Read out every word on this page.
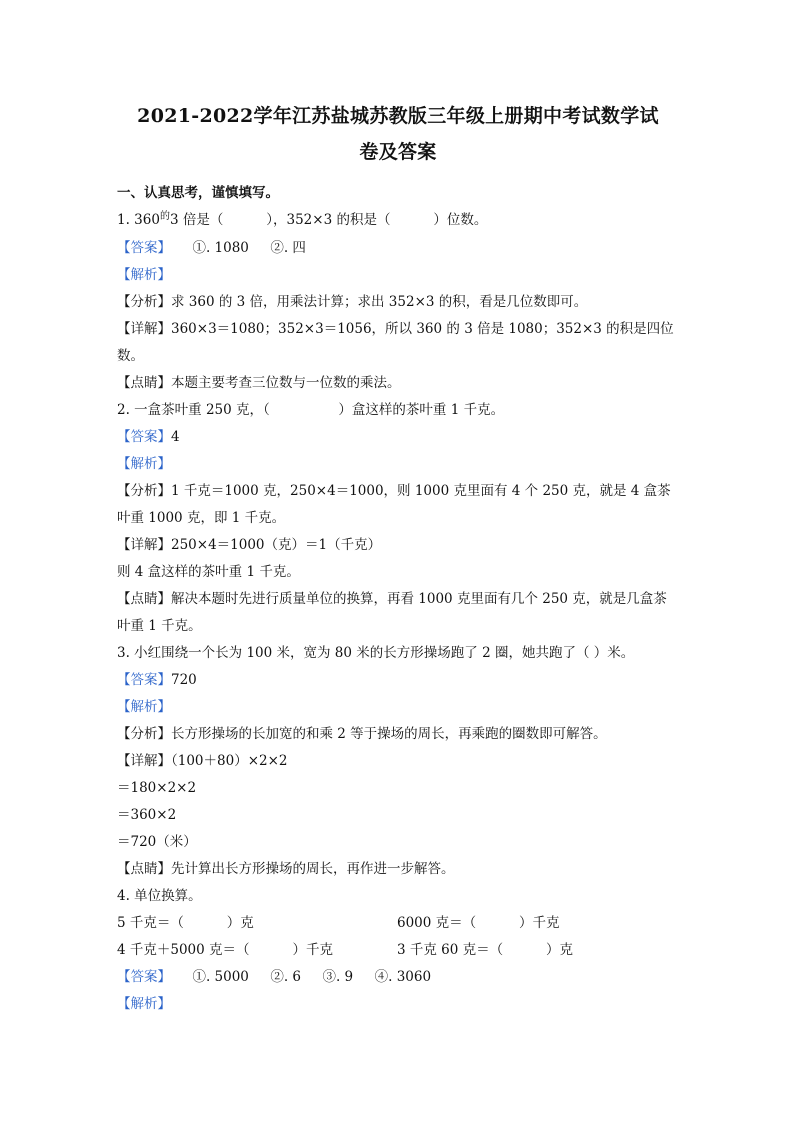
2021-2022学年江苏盐城苏教版三年级上册期中考试数学试
卷及答案
一、认真思考，谨慎填写。
1. $360^的3$ 倍是（          ），352×3 的积是（          ）位数。
【答案】     ①. 1080     ②. 四
【解析】
【分析】求 360 的 3 倍，用乘法计算；求出 352×3 的积，看是几位数即可。
【详解】360×3＝1080；352×3＝1056，所以 360 的 3 倍是 1080；352×3 的积是四位数。
【点睛】本题主要考查三位数与一位数的乘法。
2. 一盒茶叶重 250 克，（                ）盒这样的茶叶重 1 千克。
【答案】4
【解析】
【分析】1 千克＝1000 克，250×4＝1000，则 1000 克里面有 4 个 250 克，就是 4 盒茶叶重 1000 克，即 1 千克。
【详解】250×4＝1000（克）＝1（千克）
则 4 盒这样的茶叶重 1 千克。
【点睛】解决本题时先进行质量单位的换算，再看 1000 克里面有几个 250 克，就是几盒茶叶重 1 千克。
3. 小红围绕一个长为 100 米，宽为 80 米的长方形操场跑了 2 圈，她共跑了（ ）米。
【答案】720
【解析】
【分析】长方形操场的长加宽的和乘 2 等于操场的周长，再乘跑的圈数即可解答。
【详解】（100＋80）×2×2
＝180×2×2
＝360×2
＝720（米）
【点睛】先计算出长方形操场的周长，再作进一步解答。
4. 单位换算。
5 千克＝（          ）克	6000 克＝（          ）千克
4 千克＋5000 克＝（          ）千克	3 千克 60 克＝（          ）克
【答案】     ①. 5000     ②. 6     ③. 9     ④. 3060
【解析】
